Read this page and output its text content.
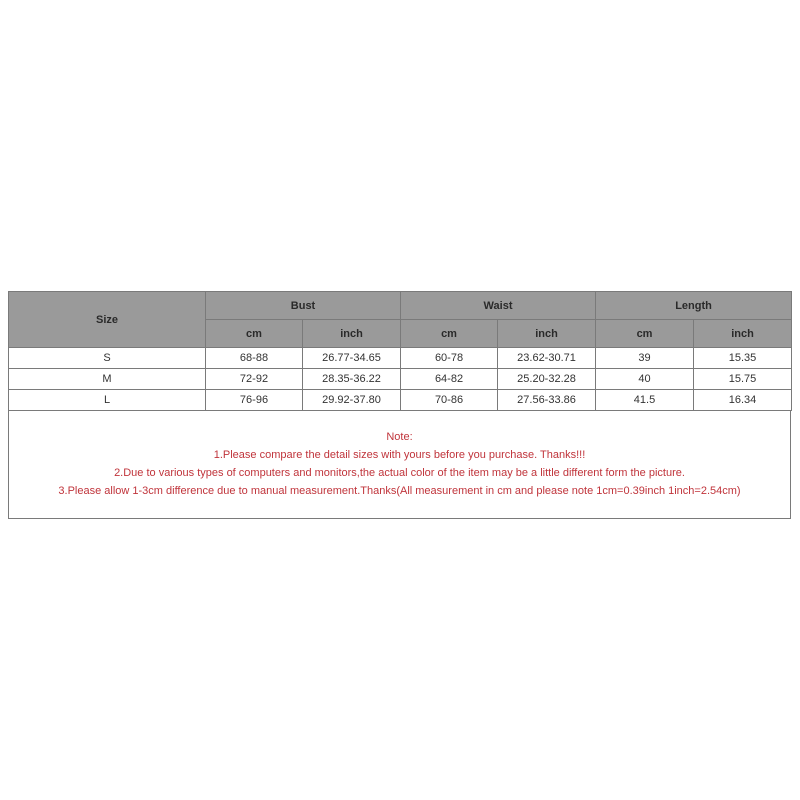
Size	Bust		Waist		Length	
	cm	inch	cm	inch	cm	inch
S	68-88	26.77-34.65	60-78	23.62-30.71	39	15.35
M	72-92	28.35-36.22	64-82	25.20-32.28	40	15.75
L	76-96	29.92-37.80	70-86	27.56-33.86	41.5	16.34
Note:
1.Please compare the detail sizes with yours before you purchase. Thanks!!!
2.Due to various types of computers and monitors,the actual color of the item may be a little different form the picture.
3.Please allow 1-3cm difference due to manual measurement.Thanks(All measurement in cm and please note 1cm=0.39inch 1inch=2.54cm)
